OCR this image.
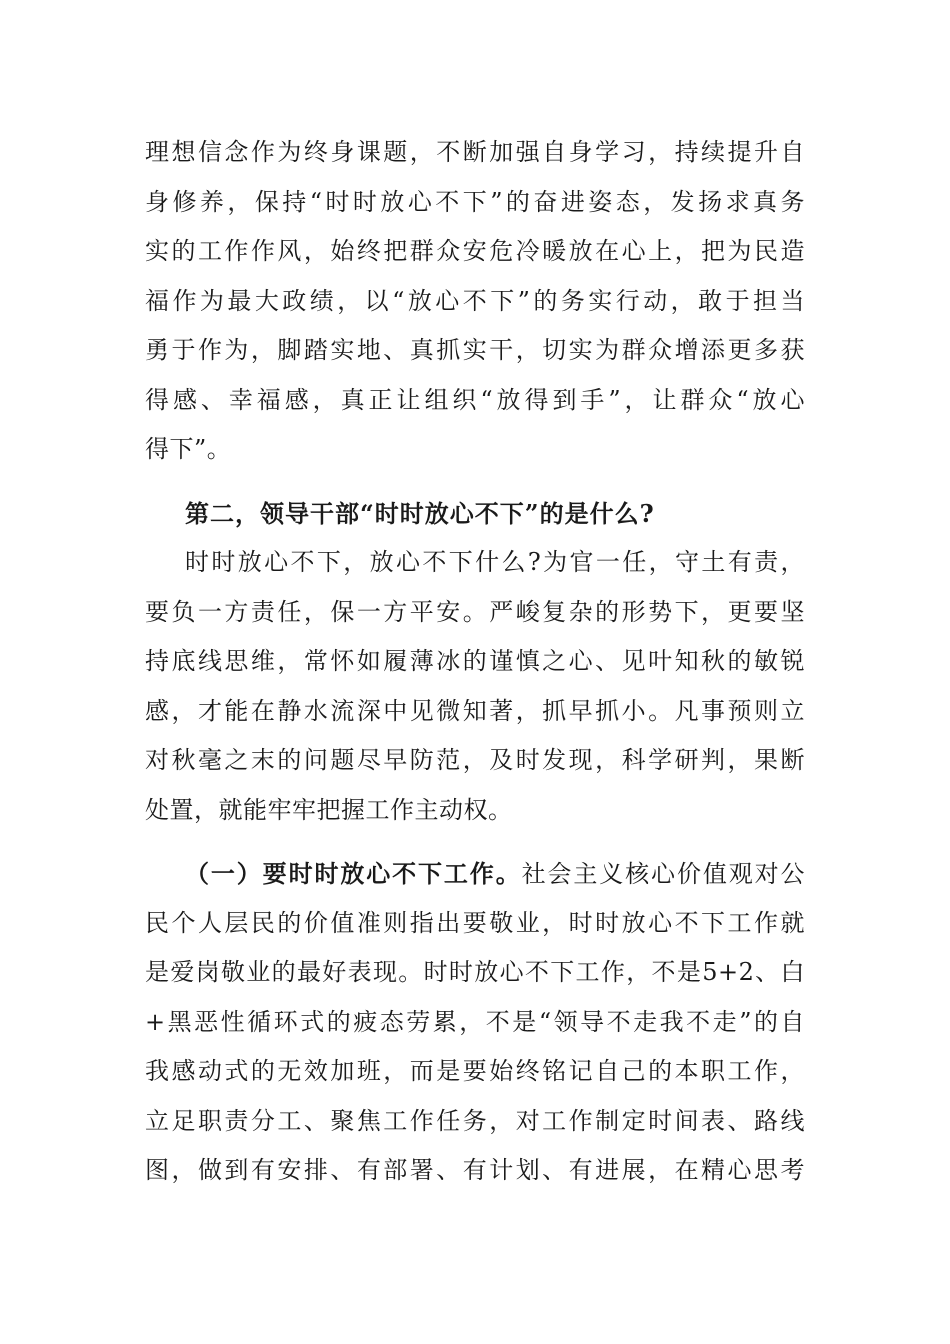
理想信念作为终身课题，不断加强自身学习，持续提升自
身修养，保持“时时放心不下”的奋进姿态，发扬求真务
实的工作作风，始终把群众安危冷暖放在心上，把为民造
福作为最大政绩，以“放心不下”的务实行动，敢于担当
勇于作为，脚踏实地、真抓实干，切实为群众增添更多获
得感、幸福感，真正让组织“放得到手”，让群众“放心
得下”。
第二，领导干部“时时放心不下”的是什么?
时时放心不下，放心不下什么?为官一任，守土有责，
要负一方责任，保一方平安。严峻复杂的形势下，更要坚
持底线思维，常怀如履薄冰的谨慎之心、见叶知秋的敏锐
感，才能在静水流深中见微知著，抓早抓小。凡事预则立
对秋毫之末的问题尽早防范，及时发现，科学研判，果断
处置，就能牢牢把握工作主动权。
（一）要时时放心不下工作。社会主义核心价值观对公
民个人层民的价值准则指出要敬业，时时放心不下工作就
是爱岗敬业的最好表现。时时放心不下工作，不是5+2、白
+黑恶性循环式的疲态劳累，不是“领导不走我不走”的自
我感动式的无效加班，而是要始终铭记自己的本职工作，
立足职责分工、聚焦工作任务，对工作制定时间表、路线
图，做到有安排、有部署、有计划、有进展，在精心思考
